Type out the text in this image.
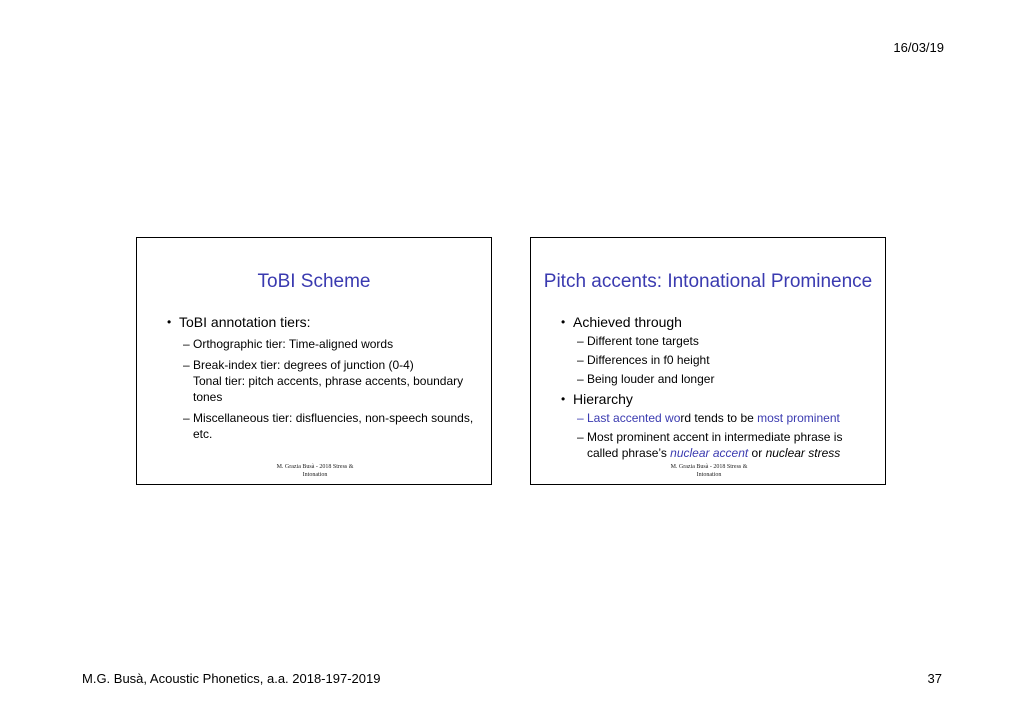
16/03/19
ToBI Scheme
• ToBI annotation tiers:
– Orthographic tier: Time-aligned words
– Break-index tier: degrees of junction (0-4)
Tonal tier: pitch accents, phrase accents, boundary tones
– Miscellaneous tier: disfluencies, non-speech sounds, etc.
M. Grazia Busà - 2018 Stress &
Intonation
Pitch accents: Intonational Prominence
• Achieved through
– Different tone targets
– Differences in f0 height
– Being louder and longer
• Hierarchy
– Last accented word tends to be most prominent
– Most prominent accent in intermediate phrase is called phrase’s nuclear accent or nuclear stress
M. Grazia Busà - 2018 Stress &
Intonation
M.G. Busà, Acoustic Phonetics, a.a. 2018-197-2019	37
